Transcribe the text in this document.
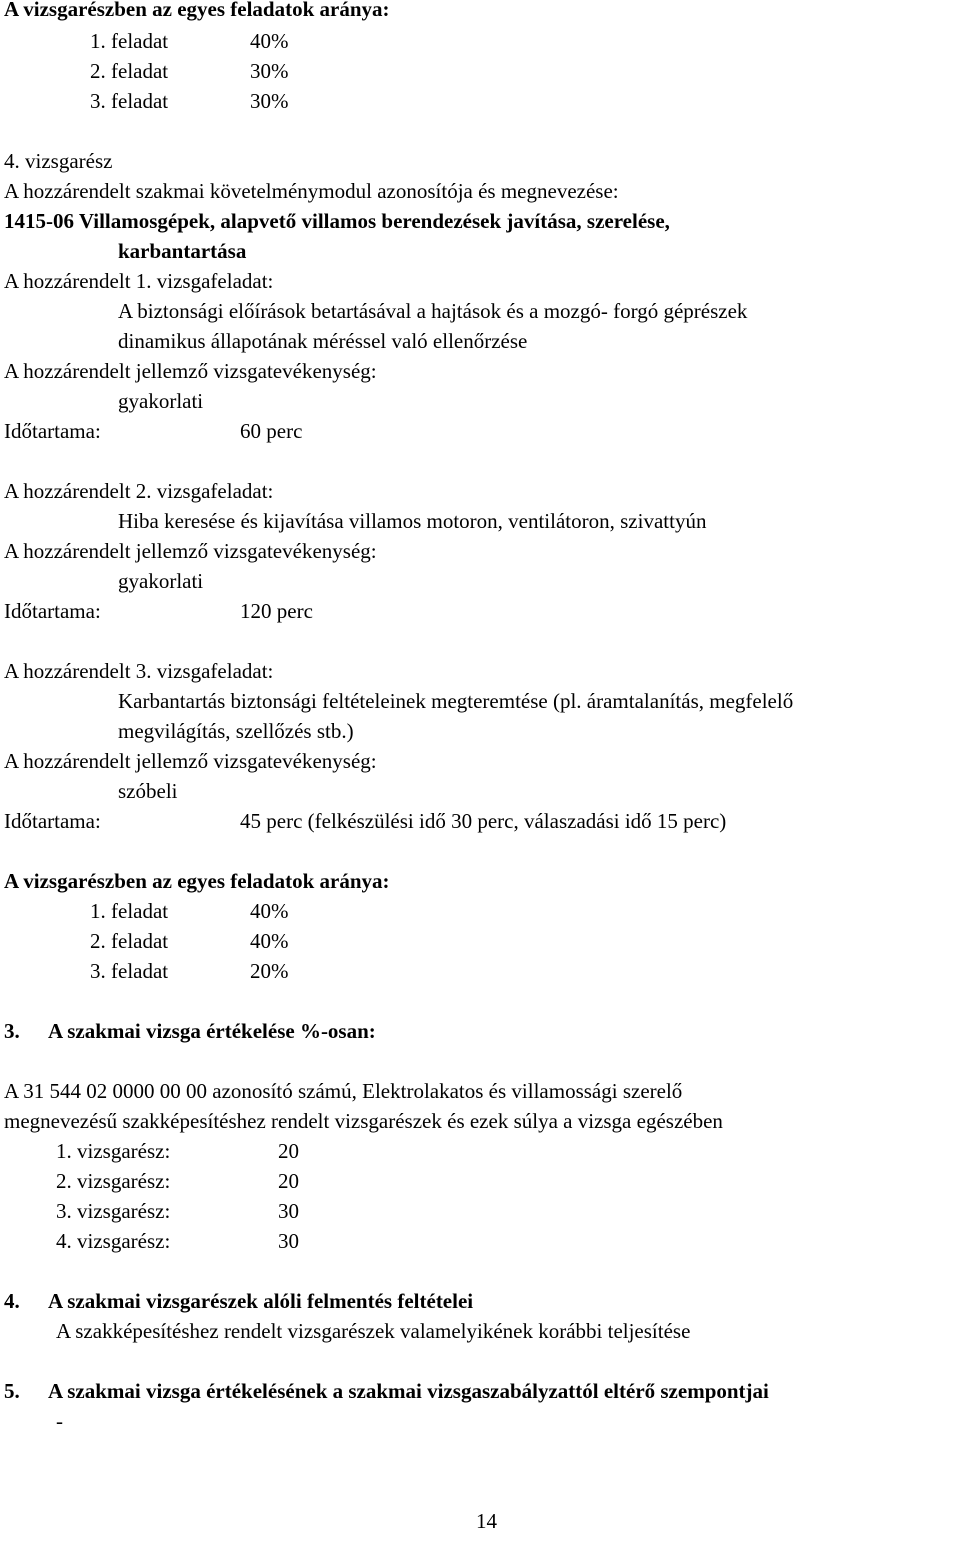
A vizsgarészben az egyes feladatok aránya:
1. feladat	40%
2. feladat	30%
3. feladat	30%
4. vizsgarész
A hozzárendelt szakmai követelménymodul azonosítója és megnevezése:
1415-06 Villamosgépek, alapvető villamos berendezések javítása, szerelése,
karbantartása
A hozzárendelt 1. vizsgafeladat:
A biztonsági előírások betartásával a hajtások és a mozgó- forgó géprészek
dinamikus állapotának méréssel való ellenőrzése
A hozzárendelt jellemző vizsgatevékenység:
gyakorlati
Időtartama:	60 perc
A hozzárendelt 2. vizsgafeladat:
Hiba keresése és kijavítása villamos motoron, ventilátoron, szivattyún
A hozzárendelt jellemző vizsgatevékenység:
gyakorlati
Időtartama:	120 perc
A hozzárendelt 3. vizsgafeladat:
Karbantartás biztonsági feltételeinek megteremtése (pl. áramtalanítás, megfelelő
megvilágítás, szellőzés stb.)
A hozzárendelt jellemző vizsgatevékenység:
szóbeli
Időtartama:	45 perc (felkészülési idő 30 perc, válaszadási idő 15 perc)
A vizsgarészben az egyes feladatok aránya:
1. feladat	40%
2. feladat	40%
3. feladat	20%
3. A szakmai vizsga értékelése %-osan:
A 31 544 02 0000 00 00 azonosító számú, Elektrolakatos és villamossági szerelő
megnevezésű szakképesítéshez rendelt vizsgarészek és ezek súlya a vizsga egészében
1. vizsgarész:	20
2. vizsgarész:	20
3. vizsgarész:	30
4. vizsgarész:	30
4. A szakmai vizsgarészek alóli felmentés feltételei
A szakképesítéshez rendelt vizsgarészek valamelyikének korábbi teljesítése
5. A szakmai vizsga értékelésének a szakmai vizsgaszabályzattól eltérő szempontjai
-
14
